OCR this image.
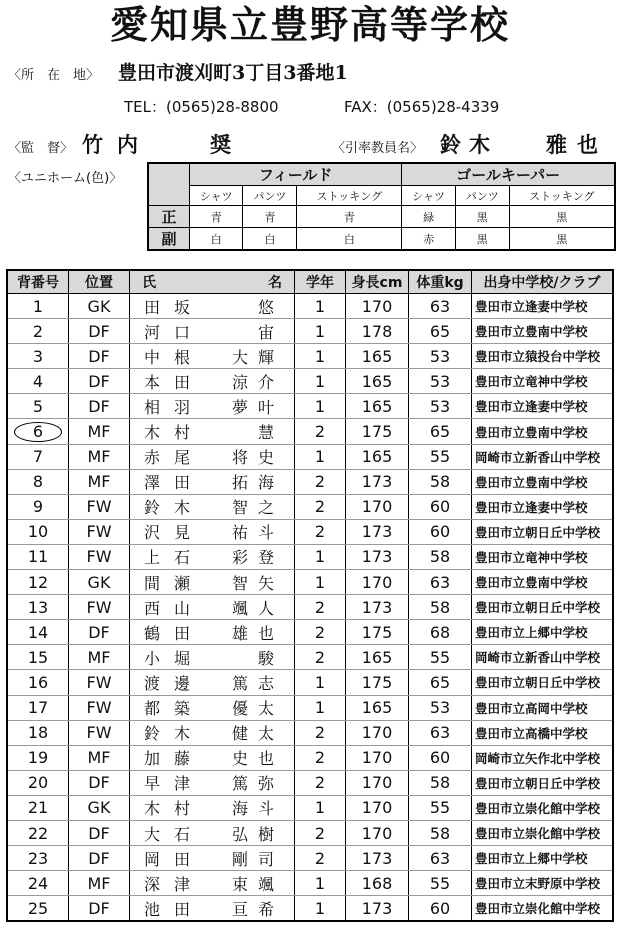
愛知県立豊野高等学校
〈所　在　地〉 豊田市渡刈町3丁目3番地1
TEL：(0565)28-8800	FAX：(0565)28-4339
〈監　督〉 竹内	奨	〈引率教員名〉 鈴木 雅也
〈ユニホーム(色)〉
		フィールド			ゴールキーパー		
	シャツ	パンツ	ストッキング	シャツ	パンツ	ストッキング
正	青	青	青	緑	黒	黒
副	白	白	白	赤	黒	黒
背番号	位置	氏 名	学年	身長cm	体重kg	出身中学校/クラブ
1	GK	田坂 悠	1	170	63	豊田市立逢妻中学校
2	DF	河口 宙	1	178	65	豊田市立豊南中学校
3	DF	中根 大輝	1	165	53	豊田市立猿投台中学校
4	DF	本田 涼介	1	165	53	豊田市立竜神中学校
5	DF	相羽 夢叶	1	165	53	豊田市立逢妻中学校
6	MF	木村 慧	2	175	65	豊田市立豊南中学校
7	MF	赤尾 将史	1	165	55	岡崎市立新香山中学校
8	MF	澤田 拓海	2	173	58	豊田市立豊南中学校
9	FW	鈴木 智之	2	170	60	豊田市立逢妻中学校
10	FW	沢見 祐斗	2	173	60	豊田市立朝日丘中学校
11	FW	上石 彩登	1	173	58	豊田市立竜神中学校
12	GK	間瀬 智矢	1	170	63	豊田市立豊南中学校
13	FW	西山 颯人	2	173	58	豊田市立朝日丘中学校
14	DF	鶴田 雄也	2	175	68	豊田市立上郷中学校
15	MF	小堀 駿	2	165	55	岡崎市立新香山中学校
16	FW	渡邊 篤志	1	175	65	豊田市立朝日丘中学校
17	FW	都築 優太	1	165	53	豊田市立高岡中学校
18	FW	鈴木 健太	2	170	63	豊田市立高橋中学校
19	MF	加藤 史也	2	170	60	岡崎市立矢作北中学校
20	DF	早津 篤弥	2	170	58	豊田市立朝日丘中学校
21	GK	木村 海斗	1	170	55	豊田市立崇化館中学校
22	DF	大石 弘樹	2	170	58	豊田市立崇化館中学校
23	DF	岡田 剛司	2	173	63	豊田市立上郷中学校
24	MF	深津 束颯	1	168	55	豊田市立末野原中学校
25	DF	池田 亘希	1	173	60	豊田市立崇化館中学校
